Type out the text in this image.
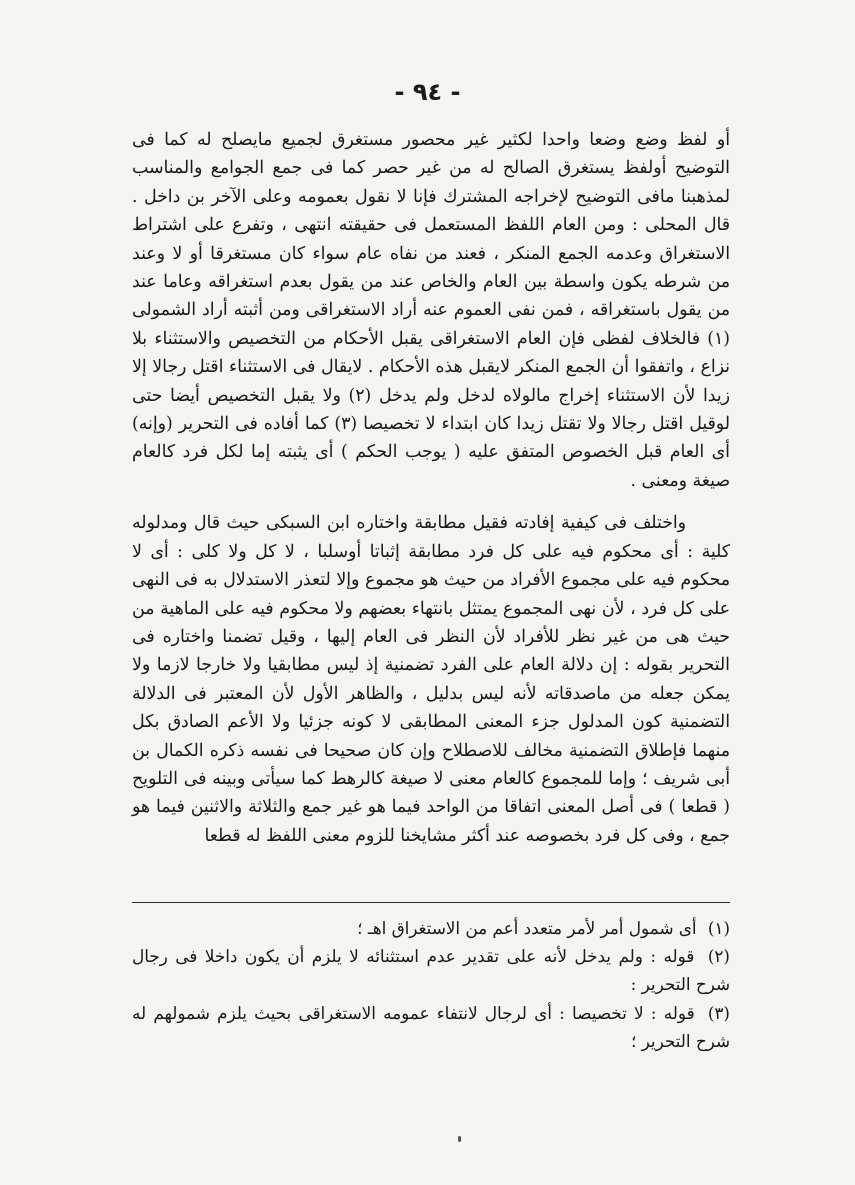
- ٩٤ -

أو لفظ وضع وضعا واحدا لكثير غير محصور مستغرق لجميع مايصلح له كما فى التوضيح أولفظ يستغرق الصالح له من غير حصر كما فى جمع الجوامع والمناسب لمذهبنا مافى التوضيح لإخراجه المشترك فإنا لا نقول بعمومه وعلى الآخر بن داخل . قال المحلى : ومن العام اللفظ المستعمل فى حقيقته انتهى ، وتفرع على اشتراط الاستغراق وعدمه الجمع المنكر ، فعند من نفاه عام سواء كان مستغرقا أو لا وعند من شرطه يكون واسطة بين العام والخاص عند من يقول بعدم استغراقه وعاما عند من يقول باستغراقه ، فمن نفى العموم عنه أراد الاستغراقى ومن أثبته أراد الشمولى (١) فالخلاف لفظى فإن العام الاستغراقى يقبل الأحكام من التخصيص والاستثناء بلا نزاع ، واتفقوا أن الجمع المنكر لايقبل هذه الأحكام . لايقال فى الاستثناء اقتل رجالا إلا زيدا لأن الاستثناء إخراج مالولاه لدخل ولم يدخل (٢) ولا يقبل التخصيص أيضا حتى لوقيل اقتل رجالا ولا تقتل زيدا كان ابتداء لا تخصيصا (٣) كما أفاده فى التحرير (وإنه) أى العام قبل الخصوص المتفق عليه ( يوجب الحكم ) أى يثبته إما لكل فرد كالعام صيغة ومعنى .

واختلف فى كيفية إفادته فقيل مطابقة واختاره ابن السبكى حيث قال ومدلوله كلية : أى محكوم فيه على كل فرد مطابقة إثباتا أوسلبا ، لا كل ولا كلى : أى لا محكوم فيه على مجموع الأفراد من حيث هو مجموع وإلا لتعذر الاستدلال به فى النهى على كل فرد ، لأن نهى المجموع يمتثل بانتهاء بعضهم ولا محكوم فيه على الماهية من حيث هى من غير نظر للأفراد لأن النظر فى العام إليها ، وقيل تضمنا واختاره فى التحرير بقوله : إن دلالة العام على الفرد تضمنية إذ ليس مطابقيا ولا خارجا لازما ولا يمكن جعله من ماصدقاته لأنه ليس بدليل ، والظاهر الأول لأن المعتبر فى الدلالة التضمنية كون المدلول جزء المعنى المطابقى لا كونه جزئيا ولا الأعم الصادق بكل منهما فإطلاق التضمنية مخالف للاصطلاح وإن كان صحيحا فى نفسه ذكره الكمال بن أبى شريف ؛ وإما للمجموع كالعام معنى لا صيغة كالرهط كما سيأتى وبينه فى التلويح ( قطعا ) فى أصل المعنى اتفاقا من الواحد فيما هو غير جمع والثلاثة والاثنين فيما هو جمع ، وفى كل فرد بخصوصه عند أكثر مشايخنا للزوم معنى اللفظ له قطعا

(١) أى شمول أمر لأمر متعدد أعم من الاستغراق اهـ ؛

(٢) قوله : ولم يدخل لأنه على تقدير عدم استثنائه لا يلزم أن يكون داخلا فى رجال شرح التحرير :

(٣) قوله : لا تخصيصا : أى لرجال لانتفاء عمومه الاستغراقى بحيث يلزم شمولهم له شرح التحرير ؛
